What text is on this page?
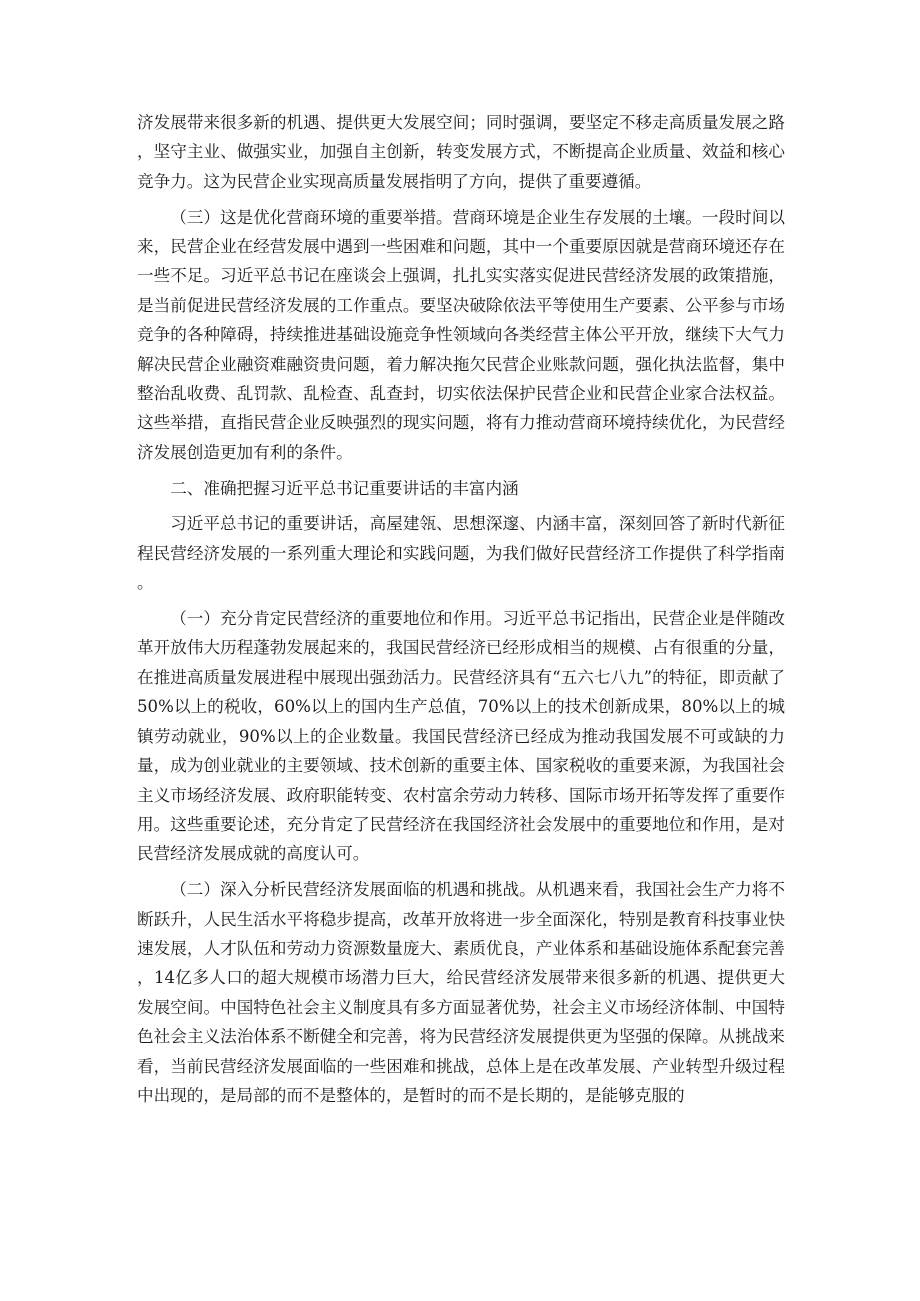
济发展带来很多新的机遇、提供更大发展空间；同时强调，要坚定不移走高质量发展之路，坚守主业、做强实业，加强自主创新，转变发展方式，不断提高企业质量、效益和核心竞争力。这为民营企业实现高质量发展指明了方向，提供了重要遵循。

（三）这是优化营商环境的重要举措。营商环境是企业生存发展的土壤。一段时间以来，民营企业在经营发展中遇到一些困难和问题，其中一个重要原因就是营商环境还存在一些不足。习近平总书记在座谈会上强调，扎扎实实落实促进民营经济发展的政策措施，是当前促进民营经济发展的工作重点。要坚决破除依法平等使用生产要素、公平参与市场竞争的各种障碍，持续推进基础设施竞争性领域向各类经营主体公平开放，继续下大气力解决民营企业融资难融资贵问题，着力解决拖欠民营企业账款问题，强化执法监督，集中整治乱收费、乱罚款、乱检查、乱查封，切实依法保护民营企业和民营企业家合法权益。这些举措，直指民营企业反映强烈的现实问题，将有力推动营商环境持续优化，为民营经济发展创造更加有利的条件。

二、准确把握习近平总书记重要讲话的丰富内涵

习近平总书记的重要讲话，高屋建瓴、思想深邃、内涵丰富，深刻回答了新时代新征程民营经济发展的一系列重大理论和实践问题，为我们做好民营经济工作提供了科学指南。

（一）充分肯定民营经济的重要地位和作用。习近平总书记指出，民营企业是伴随改革开放伟大历程蓬勃发展起来的，我国民营经济已经形成相当的规模、占有很重的分量，在推进高质量发展进程中展现出强劲活力。民营经济具有“五六七八九”的特征，即贡献了50%以上的税收，60%以上的国内生产总值，70%以上的技术创新成果，80%以上的城镇劳动就业，90%以上的企业数量。我国民营经济已经成为推动我国发展不可或缺的力量，成为创业就业的主要领域、技术创新的重要主体、国家税收的重要来源，为我国社会主义市场经济发展、政府职能转变、农村富余劳动力转移、国际市场开拓等发挥了重要作用。这些重要论述，充分肯定了民营经济在我国经济社会发展中的重要地位和作用，是对民营经济发展成就的高度认可。

（二）深入分析民营经济发展面临的机遇和挑战。从机遇来看，我国社会生产力将不断跃升，人民生活水平将稳步提高，改革开放将进一步全面深化，特别是教育科技事业快速发展，人才队伍和劳动力资源数量庞大、素质优良，产业体系和基础设施体系配套完善，14亿多人口的超大规模市场潜力巨大，给民营经济发展带来很多新的机遇、提供更大发展空间。中国特色社会主义制度具有多方面显著优势，社会主义市场经济体制、中国特色社会主义法治体系不断健全和完善，将为民营经济发展提供更为坚强的保障。从挑战来看，当前民营经济发展面临的一些困难和挑战，总体上是在改革发展、产业转型升级过程中出现的，是局部的而不是整体的，是暂时的而不是长期的，是能够克服的
